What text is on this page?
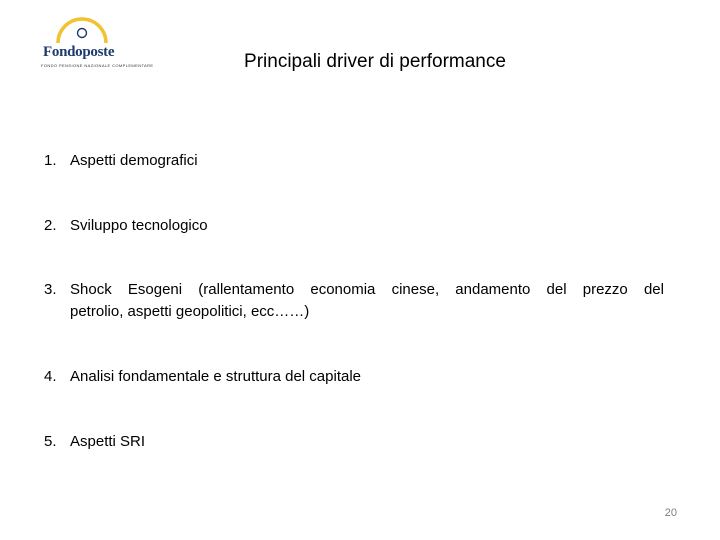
Fondoposte
FONDO PENSIONE NAZIONALE COMPLEMENTARE	Principali driver di performance
1. Aspetti demografici
2. Sviluppo tecnologico
3. Shock Esogeni (rallentamento economia cinese, andamento del prezzo del
petrolio, aspetti geopolitici, ecc……)
4. Analisi fondamentale e struttura del capitale
5. Aspetti SRI
20
